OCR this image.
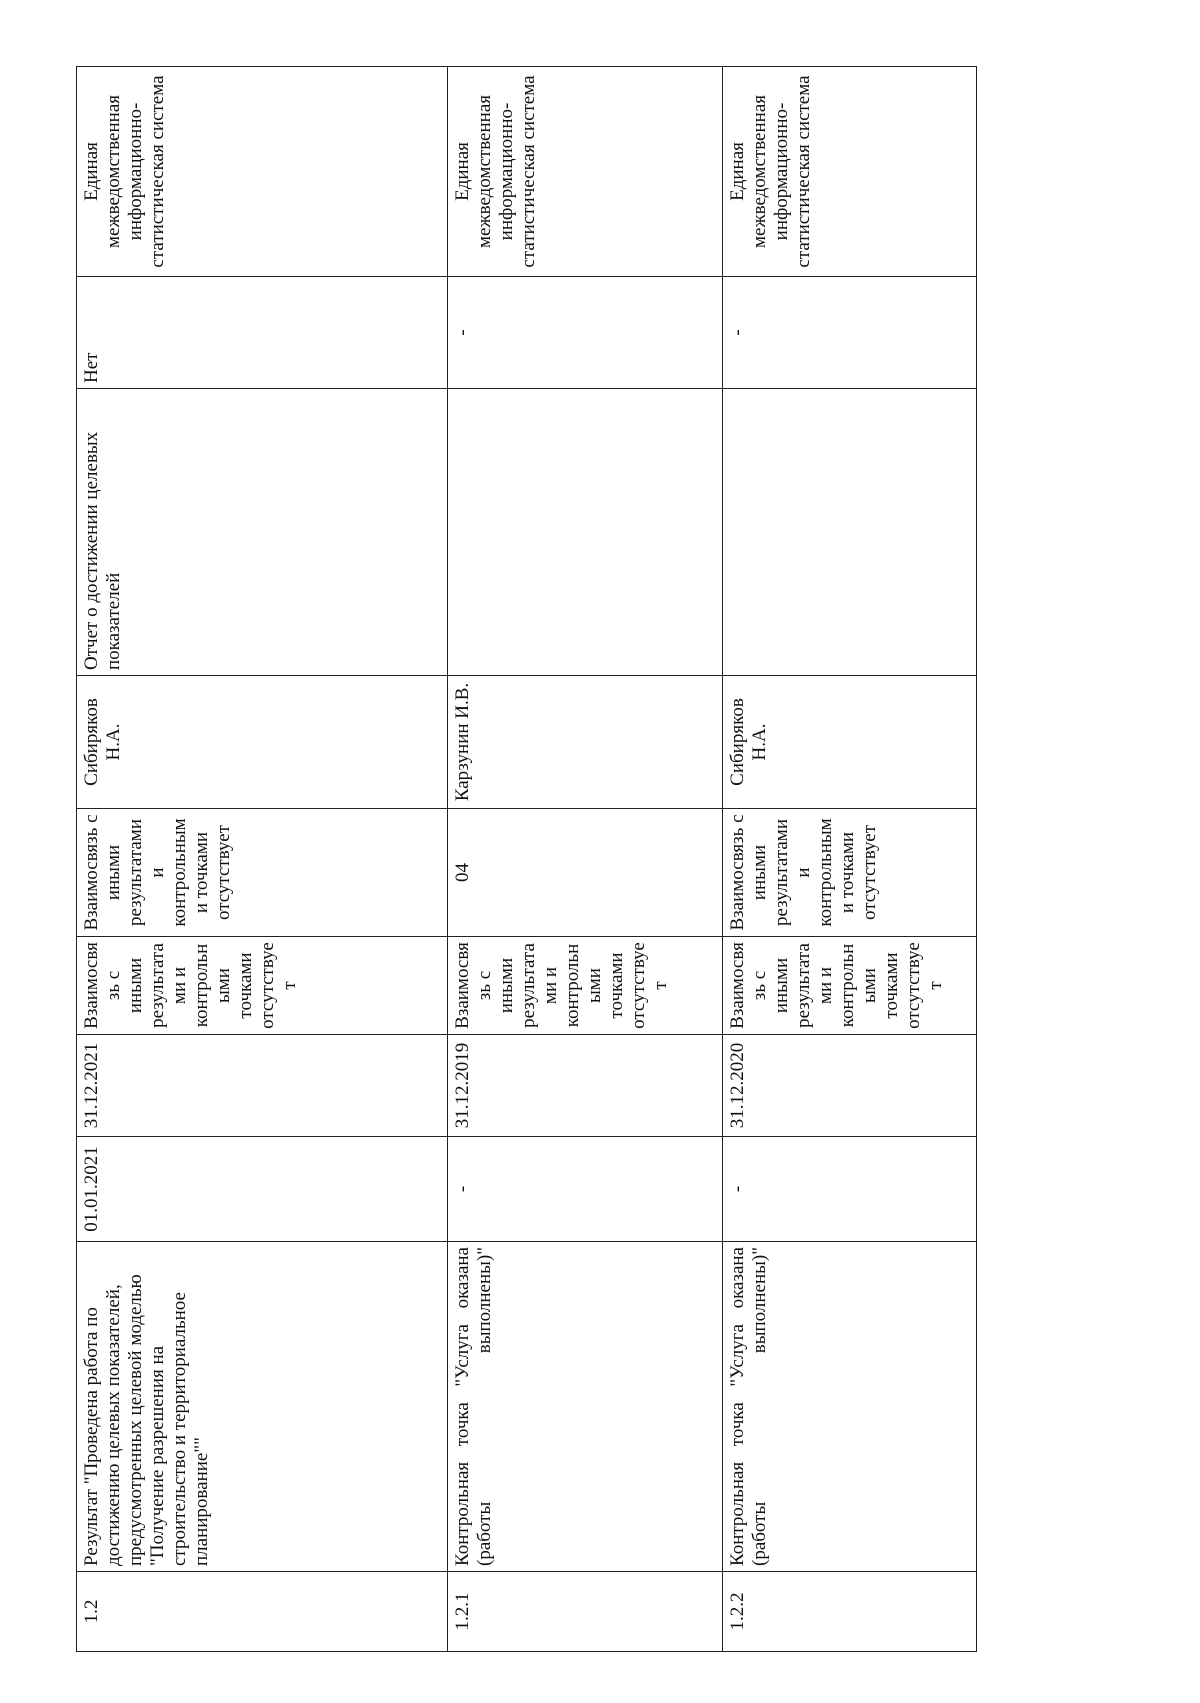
1.2	Результат "Проведена работа по достижению целевых показателей, предусмотренных целевой моделью "Получение разрешения на строительство и территориальное планирование""	01.01.2021	31.12.2021	Взаимосвязь с иными результатами и контрольными точками отсутствует	Взаимосвязь с иными результатами и контрольными точками отсутствует	Сибиряков Н.А.	Отчет о достижении целевых показателей	Нет	Единая межведомственная информационно-статистическая система
1.2.1	Контрольная точка "Услуга оказана (работы выполнены)"	-	31.12.2019	Взаимосвязь с иными результатами и контрольными точками отсутствует	04	Карзунин И.В.		-	Единая межведомственная информационно-статистическая система
1.2.2	Контрольная точка "Услуга оказана (работы выполнены)"	-	31.12.2020	Взаимосвязь с иными результатами и контрольными точками отсутствует	Взаимосвязь с иными результатами и контрольными точками отсутствует	Сибиряков Н.А.		-	Единая межведомственная информационно-статистическая система
